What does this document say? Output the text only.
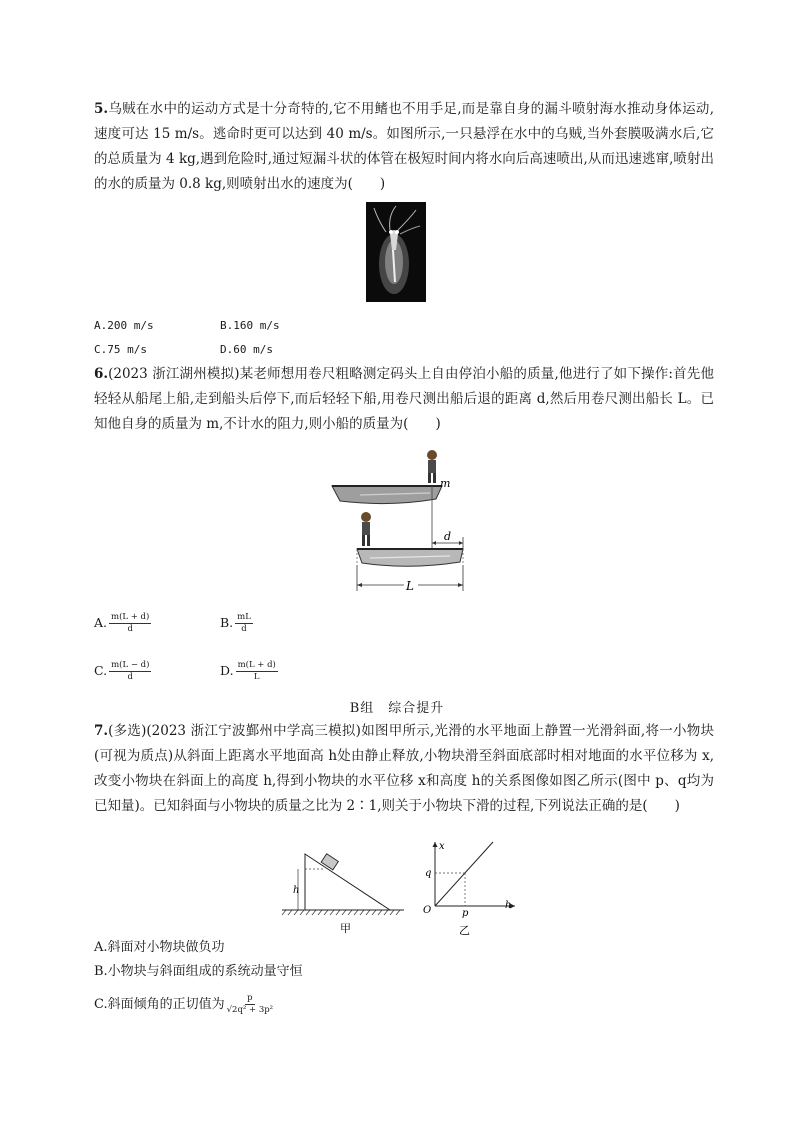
5.乌贼在水中的运动方式是十分奇特的,它不用鳍也不用手足,而是靠自身的漏斗喷射海水推动身体运动,速度可达 15 m/s。逃命时更可以达到 40 m/s。如图所示,一只悬浮在水中的乌贼,当外套膜吸满水后,它的总质量为 4 kg,遇到危险时,通过短漏斗状的体管在极短时间内将水向后高速喷出,从而迅速逃窜,喷射出的水的质量为 0.8 kg,则喷射出水的速度为(　　)
A.200 m/s	B.160 m/s
C.75 m/s	D.60 m/s
6.(2023 浙江湖州模拟)某老师想用卷尺粗略测定码头上自由停泊小船的质量,他进行了如下操作:首先他轻轻从船尾上船,走到船头后停下,而后轻轻下船,用卷尺测出船后退的距离 d,然后用卷尺测出船长 L。已知他自身的质量为 m,不计水的阻力,则小船的质量为(　　)
m
d
L
A. $\frac{m(L + d)}{d}$	B. $\frac{mL}{d}$
C. $\frac{m(L - d)}{d}$	D. $\frac{m(L + d)}{L}$
B组　综合提升
7.(多选)(2023 浙江宁波鄞州中学高三模拟)如图甲所示,光滑的水平地面上静置一光滑斜面,将一小物块(可视为质点)从斜面上距离水平地面高 h处由静止释放,小物块滑至斜面底部时相对地面的水平位移为 x,改变小物块在斜面上的高度 h,得到小物块的水平位移 x和高度 h的关系图像如图乙所示(图中 p、q均为已知量)。已知斜面与小物块的质量之比为 2∶1,则关于小物块下滑的过程,下列说法正确的是(　　)
h
甲
x
h
O	p
q
乙
A.斜面对小物块做负功
B.小物块与斜面组成的系统动量守恒
C.斜面倾角的正切值为 $\frac{p}{\text{√2q² + 3p²}}$
